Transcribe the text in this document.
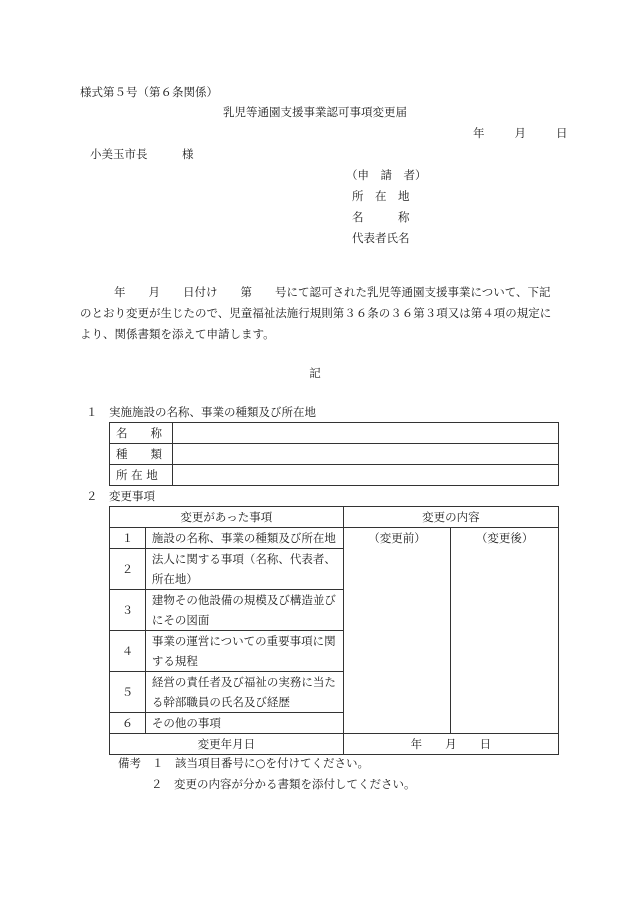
様式第５号（第６条関係）
乳児等通園支援事業認可事項変更届
年	月	日
小美玉市長　　　様
（申　請　者）
所　在　地
名　　　称
代表者氏名

年　　月　　日付け　　第　　号にて認可された乳児等通園支援事業について、下記

のとおり変更が生じたので、児童福祉法施行規則第３６条の３６第３項又は第４項の規定に

より、関係書類を添えて申請します。

記
１　実施施設の名称、事業の種類及び所在地
名　　称	
種　　類	
所 在 地	
２　変更事項
変更があった事項		変更の内容	
１	施設の名称、事業の種類及び所在地	（変更前）	（変更後）
２	法人に関する事項（名称、代表者、所在地）		
３	建物その他設備の規模及び構造並びにその図面		
４	事業の運営についての重要事項に関する規程		
５	経営の責任者及び福祉の実務に当たる幹部職員の氏名及び経歴		
６	その他の事項		
変更年月日		年　　月　　日	
備考 １　該当項目番号に○を付けてください。
２　変更の内容が分かる書類を添付してください。
